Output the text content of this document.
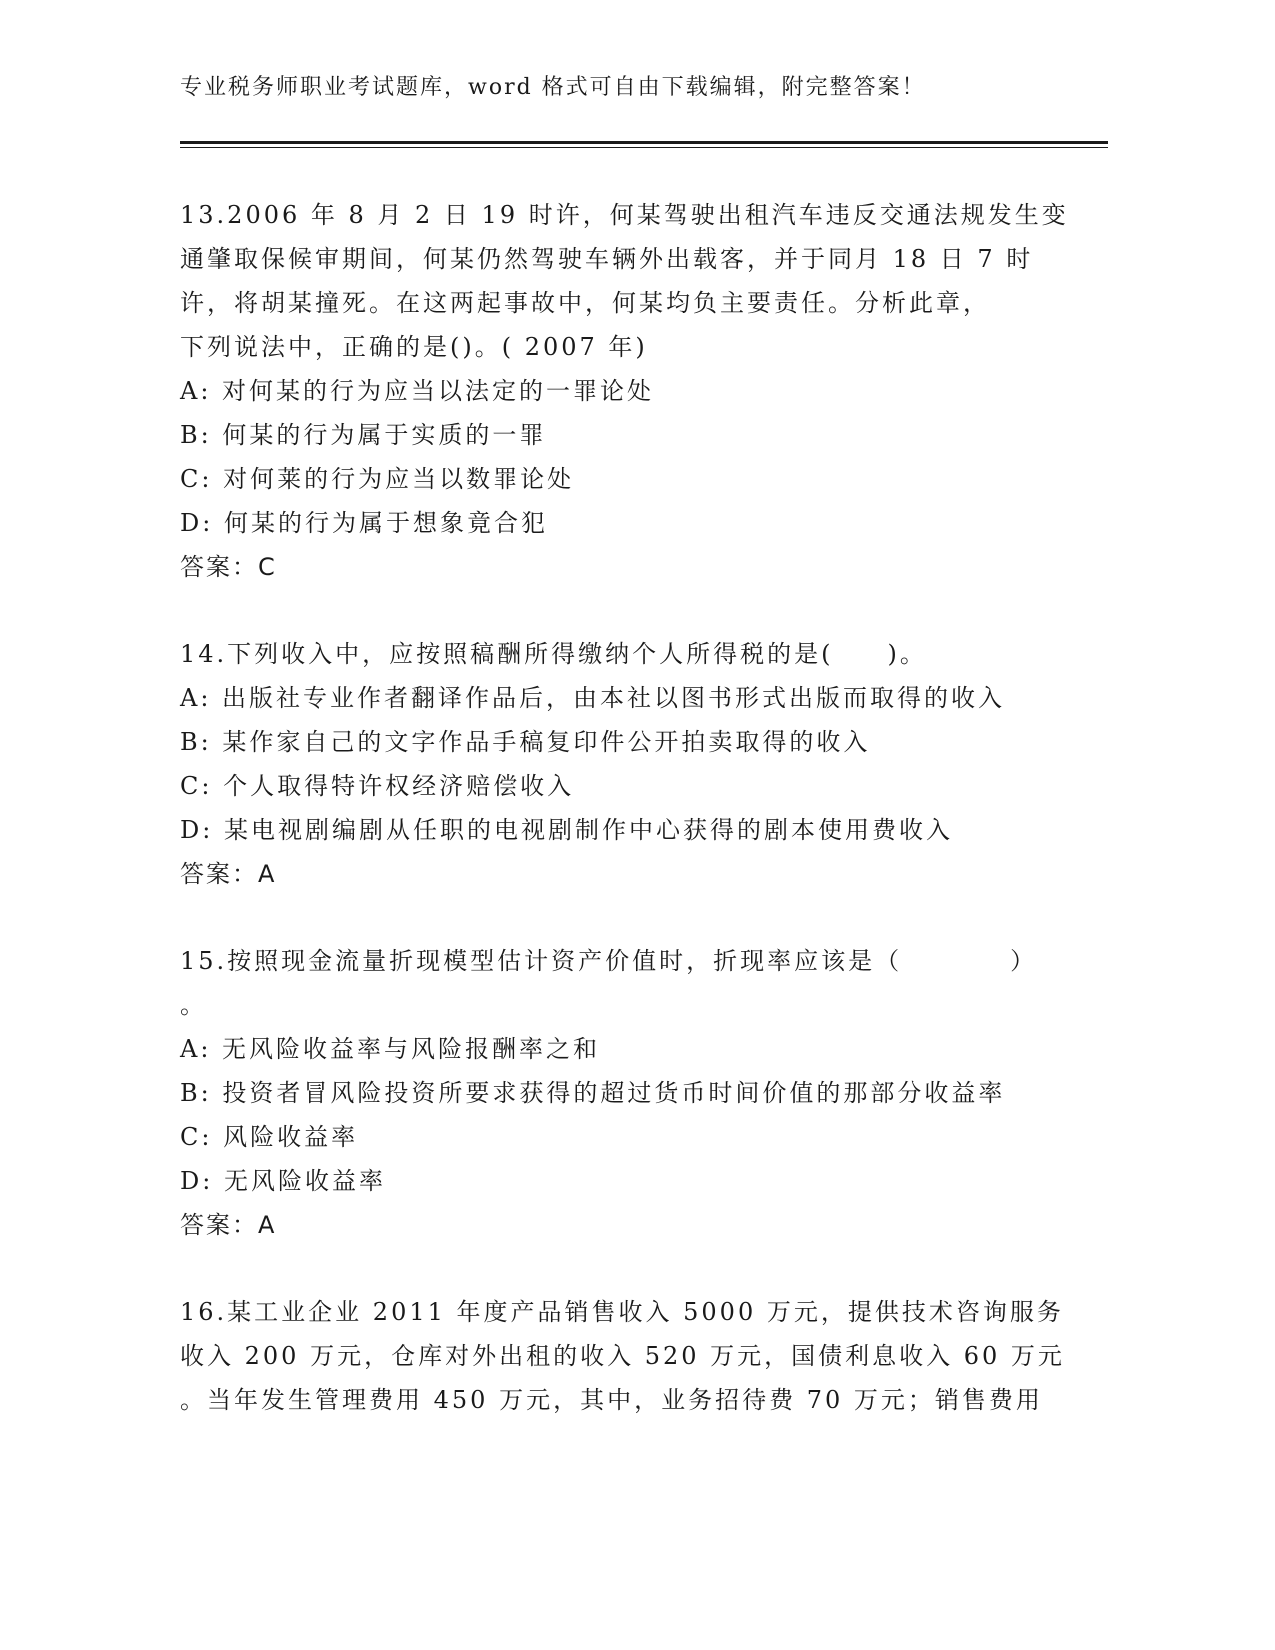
专业税务师职业考试题库，word 格式可自由下载编辑，附完整答案！
13.2006 年 8 月 2 日 19 时许，何某驾驶出租汽车违反交通法规发生变
通肇取保候审期间，何某仍然驾驶车辆外出载客，并于同月 18 日 7 时
许，将胡某撞死。在这两起事故中，何某均负主要责任。分析此章，
下列说法中，正确的是()。( 2007 年)
A: 对何某的行为应当以法定的一罪论处
B: 何某的行为属于实质的一罪
C: 对何莱的行为应当以数罪论处
D: 何某的行为属于想象竟合犯
答案：C
14.下列收入中，应按照稿酬所得缴纳个人所得税的是(　　)。
A: 出版社专业作者翻译作品后，由本社以图书形式出版而取得的收入
B: 某作家自己的文字作品手稿复印件公开拍卖取得的收入
C: 个人取得特许权经济赔偿收入
D: 某电视剧编剧从任职的电视剧制作中心获得的剧本使用费收入
答案：A
15.按照现金流量折现模型估计资产价值时，折现率应该是（　　　　）
。
A: 无风险收益率与风险报酬率之和
B: 投资者冒风险投资所要求获得的超过货币时间价值的那部分收益率
C: 风险收益率
D: 无风险收益率
答案：A
16.某工业企业 2011 年度产品销售收入 5000 万元，提供技术咨询服务
收入 200 万元，仓库对外出租的收入 520 万元，国债利息收入 60 万元
。当年发生管理费用 450 万元，其中，业务招待费 70 万元；销售费用
